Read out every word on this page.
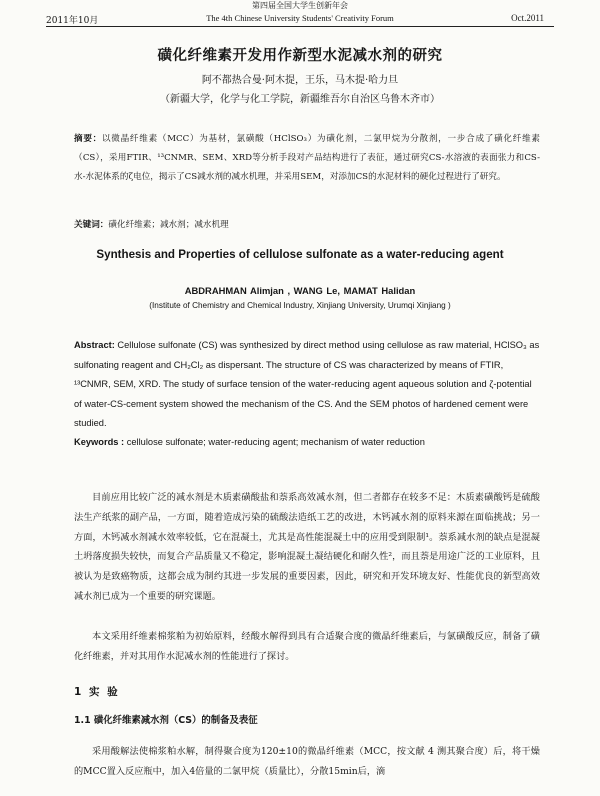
第四届全国大学生创新年会
2011年10月	The 4th Chinese University Students' Creativity Forum	Oct.2011
磺化纤维素开发用作新型水泥减水剂的研究
阿不都热合曼·阿木提，王乐，马木提·哈力旦
（新疆大学，化学与化工学院，新疆维吾尔自治区乌鲁木齐市）
摘要：以微晶纤维素（MCC）为基材，氯磺酸（HClSO₃）为磺化剂，二氯甲烷为分散剂，一步合成了磺化纤维素（CS），采用FTIR、¹³CNMR、SEM、XRD等分析手段对产品结构进行了表征，通过研究CS-水溶液的表面张力和CS-水-水泥体系的ζ电位，揭示了CS减水剂的减水机理，并采用SEM，对添加CS的水泥材料的硬化过程进行了研究。
关键词：磺化纤维素；减水剂；减水机理
Synthesis and Properties of cellulose sulfonate as a water-reducing agent
ABDRAHMAN Alimjan , WANG Le, MAMAT Halidan
(Institute of Chemistry and Chemical Industry, Xinjiang University, Urumqi Xinjiang )
Abstract: Cellulose sulfonate (CS) was synthesized by direct method using cellulose as raw material, HClSO₃ as sulfonating reagent and CH₂Cl₂ as dispersant. The structure of CS was characterized by means of FTIR, ¹³CNMR, SEM, XRD. The study of surface tension of the water-reducing agent aqueous solution and ζ-potential of water-CS-cement system showed the mechanism of the CS. And the SEM photos of hardened cement were studied.
Keywords : cellulose sulfonate; water-reducing agent; mechanism of water reduction
目前应用比较广泛的减水剂是木质素磺酸盐和萘系高效减水剂，但二者都存在较多不足：木质素磺酸钙是硫酸法生产纸浆的副产品，一方面，随着造成污染的硫酸法造纸工艺的改进，木钙减水剂的原料来源在面临挑战；另一方面，木钙减水剂减水效率较低，它在混凝土，尤其是高性能混凝土中的应用受到限制¹。萘系减水剂的缺点是混凝土坍落度损失较快，而复合产品质量又不稳定，影响混凝土凝结硬化和耐久性²，而且萘是用途广泛的工业原料，且被认为是致癌物质，这都会成为制约其进一步发展的重要因素，因此，研究和开发环境友好、性能优良的新型高效减水剂已成为一个重要的研究课题。
本文采用纤维素棉浆粕为初始原料，经酸水解得到具有合适聚合度的微晶纤维素后，与氯磺酸反应，制备了磺化纤维素，并对其用作水泥减水剂的性能进行了探讨。
1 实 验
1.1 磺化纤维素减水剂（CS）的制备及表征
采用酸解法使棉浆粕水解，制得聚合度为120±10的微晶纤维素（MCC，按文献 4 测其聚合度）后，将干燥的MCC置入反应瓶中，加入4倍量的二氯甲烷（质量比），分散15min后，滴
